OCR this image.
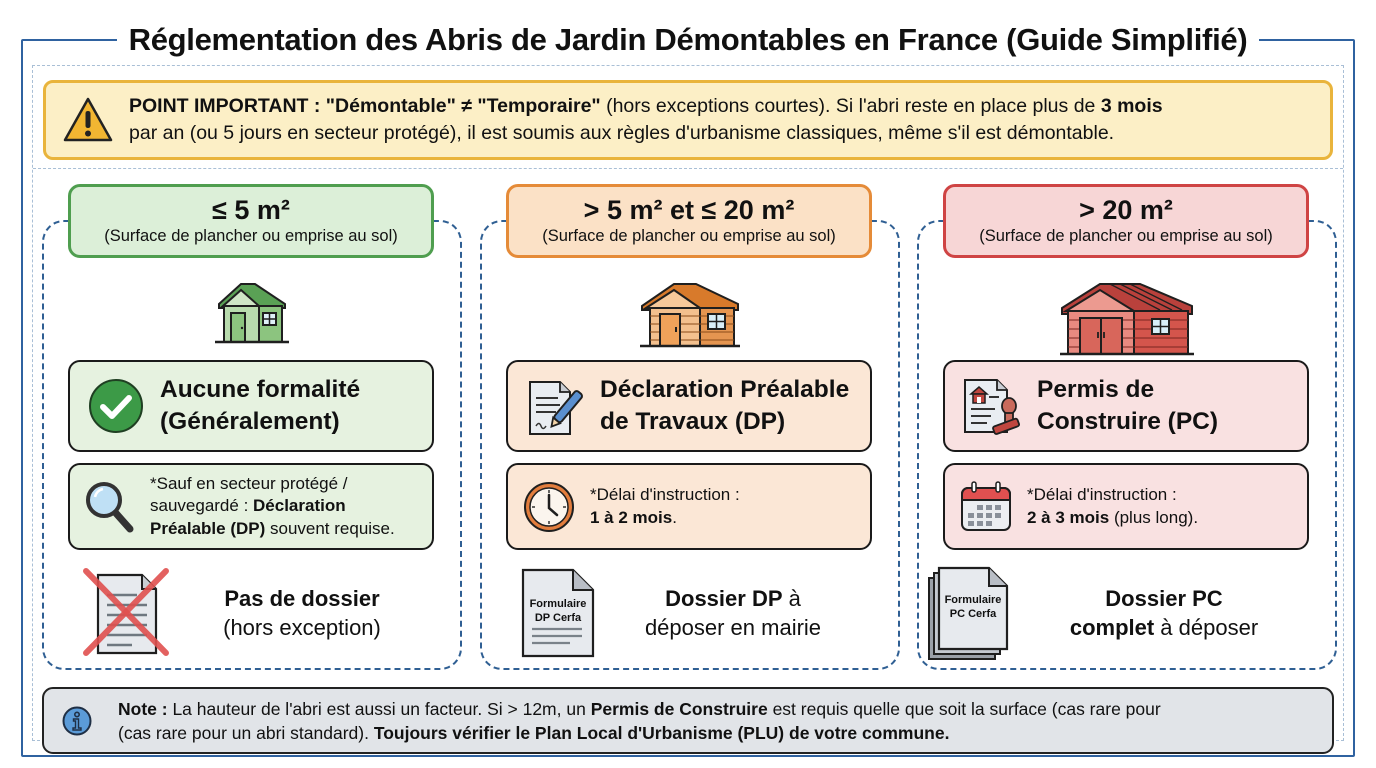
Réglementation des Abris de Jardin Démontables en France (Guide Simplifié)
POINT IMPORTANT : "Démontable" ≠ "Temporaire" (hors exceptions courtes). Si l'abri reste en place plus de 3 mois
par an (ou 5 jours en secteur protégé), il est soumis aux règles d'urbanisme classiques, même s'il est démontable.
≤ 5 m²
(Surface de plancher ou emprise au sol)
Aucune formalité
(Généralement)
*Sauf en secteur protégé /
sauvegardé : Déclaration
Préalable (DP) souvent requise.
Pas de dossier
(hors exception)
> 5 m² et ≤ 20 m²
(Surface de plancher ou emprise au sol)
Déclaration Préalable
de Travaux (DP)
*Délai d'instruction :
1 à 2 mois.
Formulaire
DP Cerfa
Dossier DP à
déposer en mairie
> 20 m²
(Surface de plancher ou emprise au sol)
Permis de
Construire (PC)
*Délai d'instruction :
2 à 3 mois (plus long).
Formulaire
PC Cerfa
Dossier PC
complet à déposer
Note : La hauteur de l'abri est aussi un facteur. Si > 12m, un Permis de Construire est requis quelle que soit la surface (cas rare pour
(cas rare pour un abri standard). Toujours vérifier le Plan Local d'Urbanisme (PLU) de votre commune.
